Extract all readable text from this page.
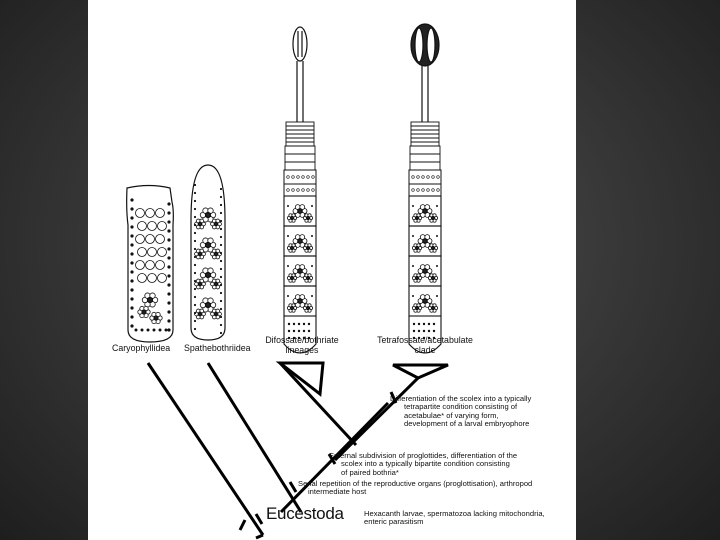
Caryophyllidea Spathebothriidea
Difossate/bothriate
lineages
Tetrafossate/acetabulate
clade
Differentiation of the scolex into a typically
tetrapartite condition consisting of
acetabulae* of varying form,
development of a larval embryophore
External subdivision of proglottides, differentiation of the
scolex into a typically bipartite condition consisting
of paired bothria*
Serial repetition of the reproductive organs (proglottisation), arthropod
intermediate host
Eucestoda	Hexacanth larvae, spermatozoa lacking mitochondria,
enteric parasitism
